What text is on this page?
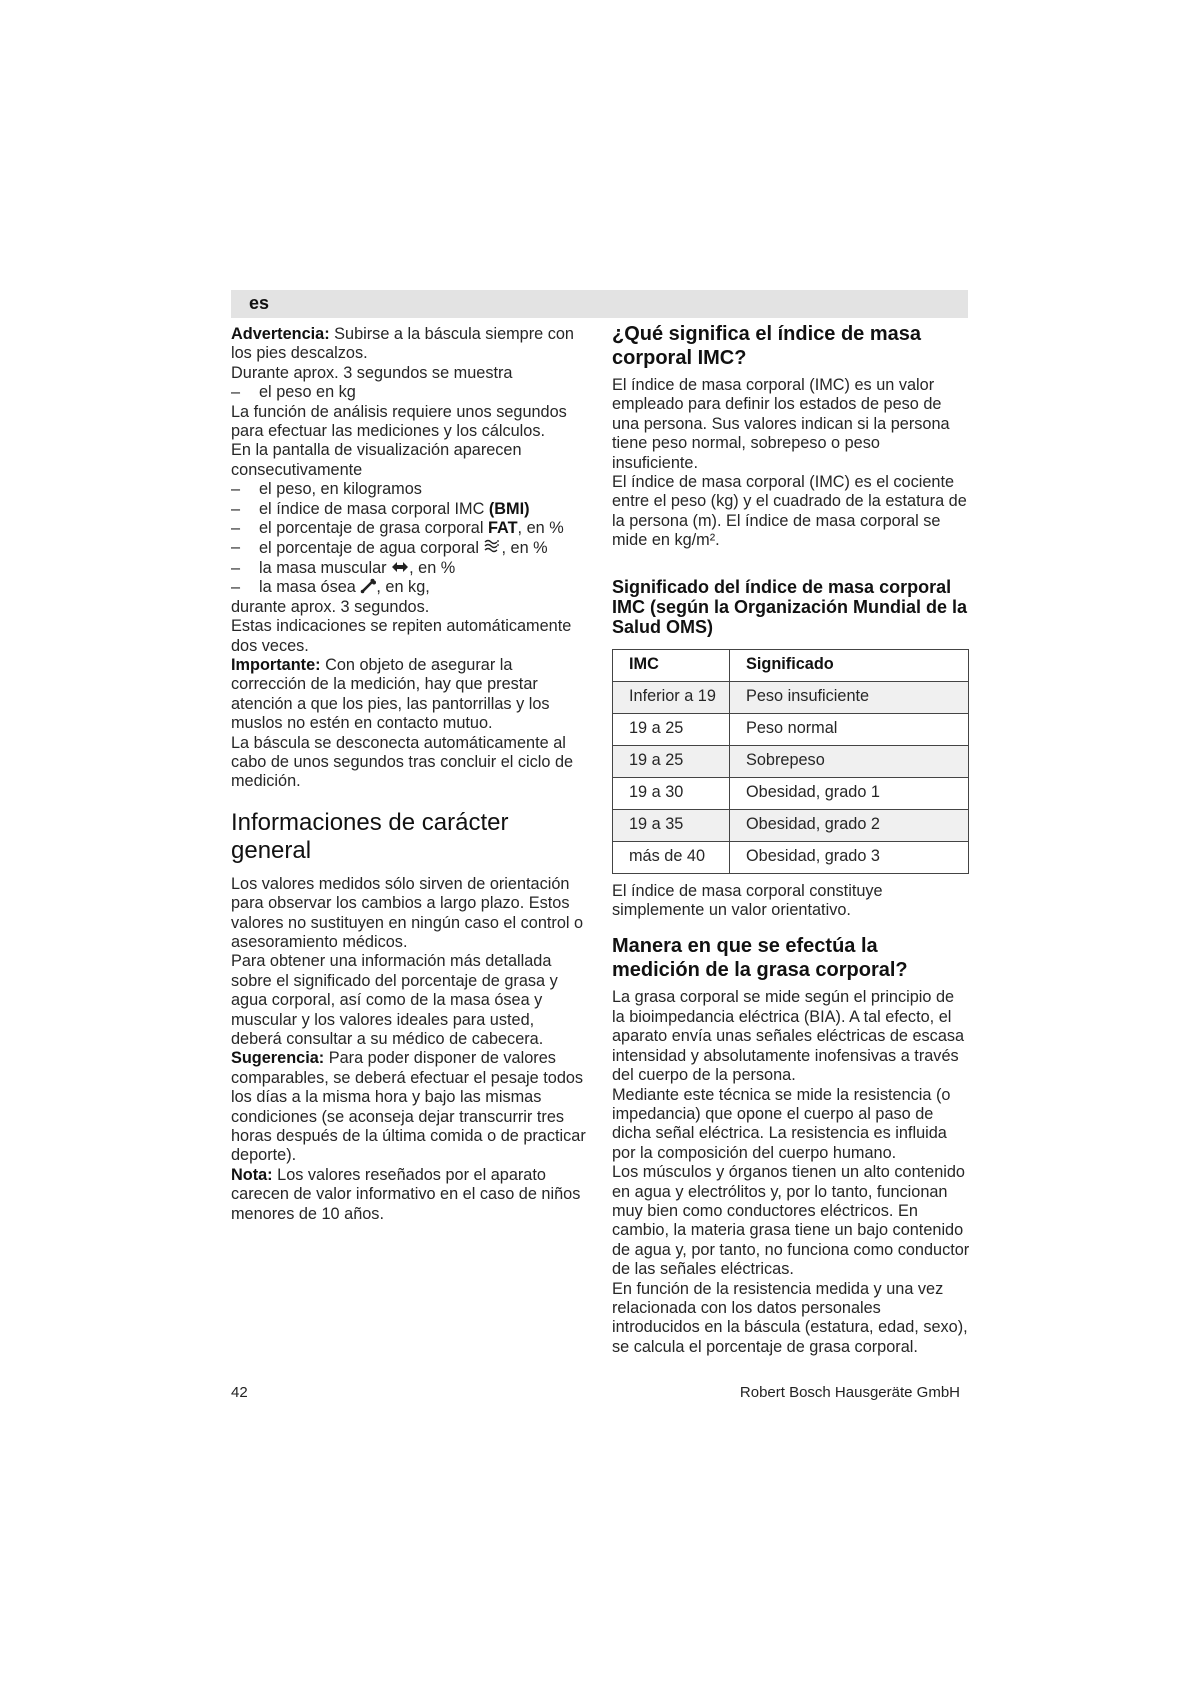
es

Advertencia: Subirse a la báscula siempre con los pies descalzos.

Durante aprox. 3 segundos se muestra

–	el peso en kg

La función de análisis requiere unos segundos para efectuar las mediciones y los cálculos.

En la pantalla de visualización aparecen consecutivamente

–	el peso, en kilogramos
–	el índice de masa corporal IMC (BMI)
–	el porcentaje de grasa corporal FAT, en %
–	el porcentaje de agua corporal , en %
–	la masa muscular , en %
–	la masa ósea , en kg,

durante aprox. 3 segundos.

Estas indicaciones se repiten automáticamente dos veces.

Importante: Con objeto de asegurar la corrección de la medición, hay que prestar atención a que los pies, las pantorrillas y los muslos no estén en contacto mutuo.

La báscula se desconecta automáticamente al cabo de unos segundos tras concluir el ciclo de medición.

Informaciones de carácter general

Los valores medidos sólo sirven de orientación para observar los cambios a largo plazo. Estos valores no sustituyen en ningún caso el control o asesoramiento médicos.

Para obtener una información más detallada sobre el significado del porcentaje de grasa y agua corporal, así como de la masa ósea y muscular y los valores ideales para usted, deberá consultar a su médico de cabecera.

Sugerencia: Para poder disponer de valores comparables, se deberá efectuar el pesaje todos los días a la misma hora y bajo las mismas condiciones (se aconseja dejar transcurrir tres horas después de la última comida o de practicar deporte).

Nota: Los valores reseñados por el aparato carecen de valor informativo en el caso de niños menores de 10 años.

¿Qué significa el índice de masa corporal IMC?

El índice de masa corporal (IMC) es un valor empleado para definir los estados de peso de una persona. Sus valores indican si la persona tiene peso normal, sobrepeso o peso insuficiente.

El índice de masa corporal (IMC) es el cociente entre el peso (kg) y el cuadrado de la estatura de la persona (m). El índice de masa corporal se mide en kg/m².

Significado del índice de masa corporal IMC (según la Organización Mundial de la Salud OMS)
IMC	Significado
Inferior a 19	Peso insuficiente
19 a 25	Peso normal
19 a 25	Sobrepeso
19 a 30	Obesidad, grado 1
19 a 35	Obesidad, grado 2
más de 40	Obesidad, grado 3

El índice de masa corporal constituye simplemente un valor orientativo.

Manera en que se efectúa la medición de la grasa corporal?

La grasa corporal se mide según el principio de la bioimpedancia eléctrica (BIA). A tal efecto, el aparato envía unas señales eléctricas de escasa intensidad y absolutamente inofensivas a través del cuerpo de la persona.

Mediante este técnica se mide la resistencia (o impedancia) que opone el cuerpo al paso de dicha señal eléctrica. La resistencia es influida por la composición del cuerpo humano.

Los músculos y órganos tienen un alto contenido en agua y electrólitos y, por lo tanto, funcionan muy bien como conductores eléctricos. En cambio, la materia grasa tiene un bajo contenido de agua y, por tanto, no funciona como conductor de las señales eléctricas.

En función de la resistencia medida y una vez relacionada con los datos personales introducidos en la báscula (estatura, edad, sexo), se calcula el porcentaje de grasa corporal.

42	Robert Bosch Hausgeräte GmbH
